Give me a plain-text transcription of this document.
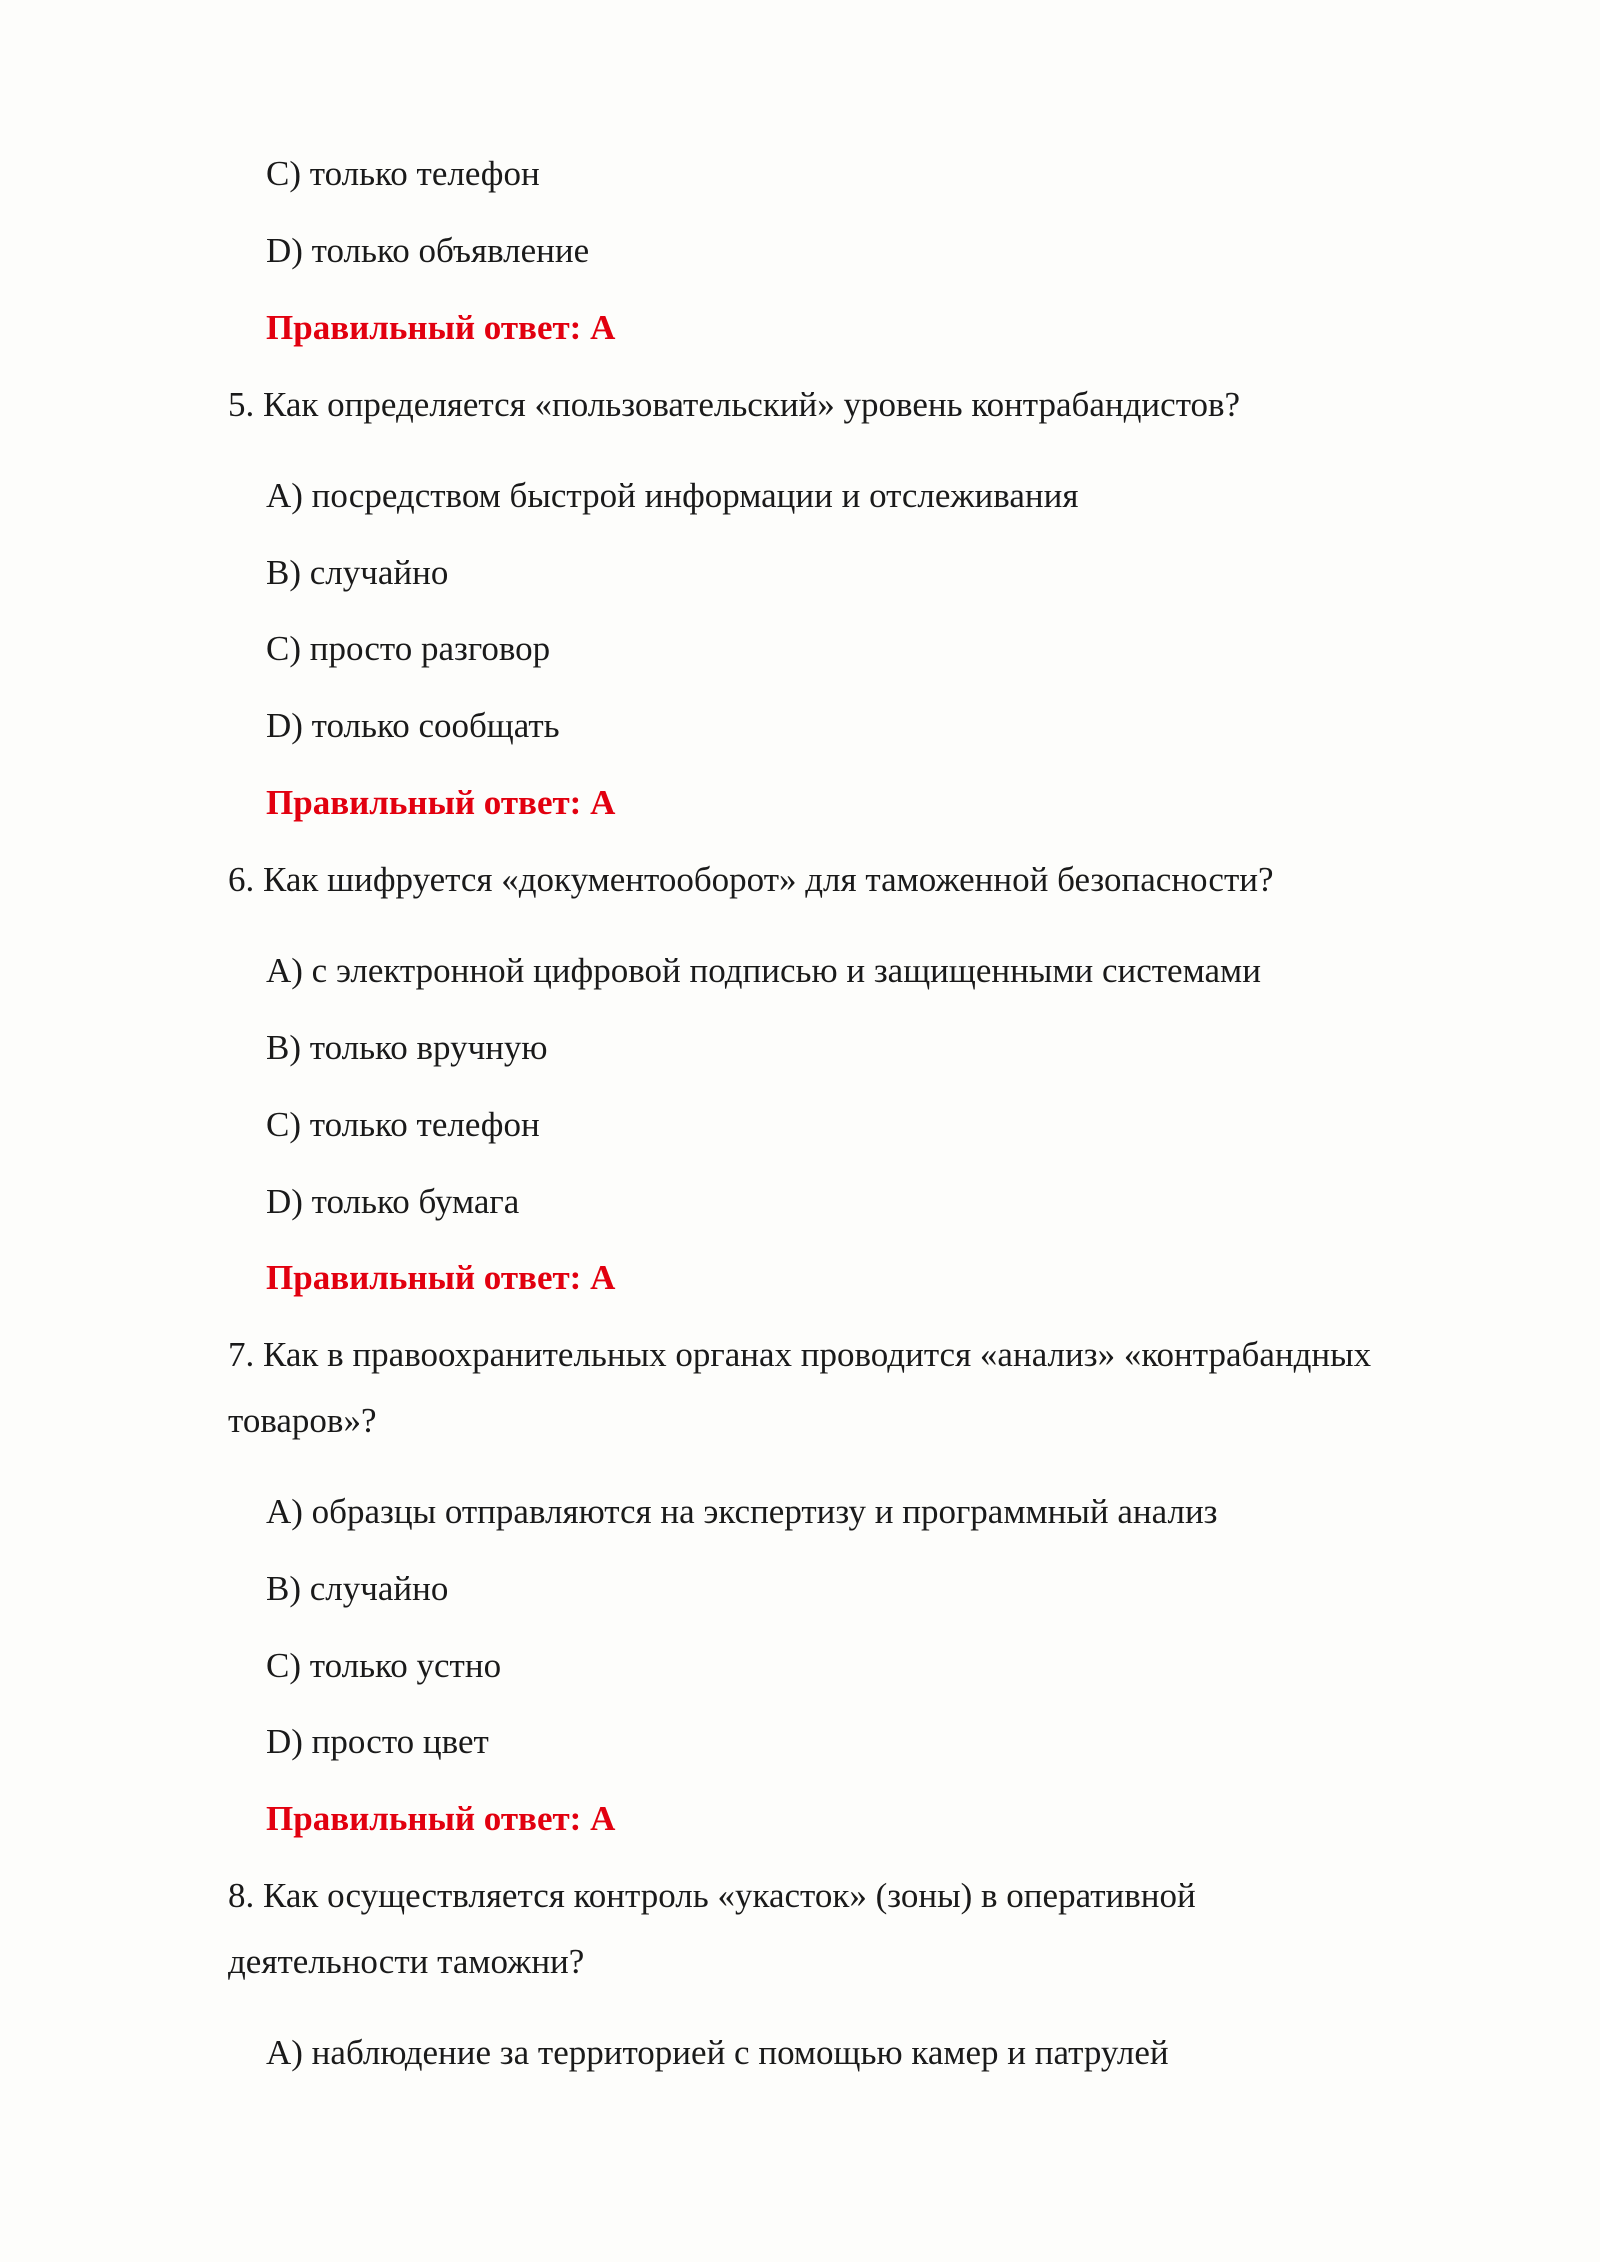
C) только телефон
D) только объявление
Правильный ответ: A
5. Как определяется «пользовательский» уровень контрабандистов?
A) посредством быстрой информации и отслеживания
B) случайно
C) просто разговор
D) только сообщать
Правильный ответ: A
6. Как шифруется «документооборот» для таможенной безопасности?
A) с электронной цифровой подписью и защищенными системами
B) только вручную
C) только телефон
D) только бумага
Правильный ответ: A
7. Как в правоохранительных органах проводится «анализ» «контрабандных
товаров»?
A) образцы отправляются на экспертизу и программный анализ
B) случайно
C) только устно
D) просто цвет
Правильный ответ: A
8. Как осуществляется контроль «укасток» (зоны) в оперативной
деятельности таможни?
A) наблюдение за территорией с помощью камер и патрулей
